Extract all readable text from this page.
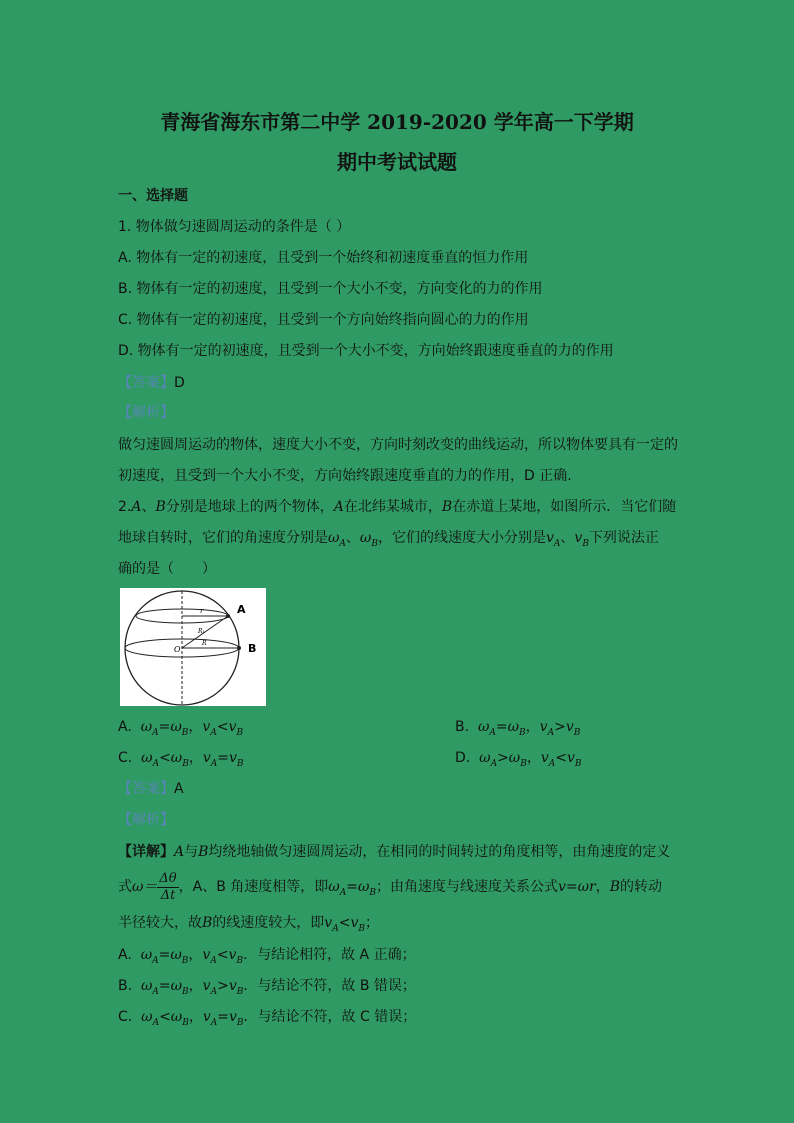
青海省海东市第二中学 2019-2020 学年高一下学期
期中考试试题
一、选择题
1. 物体做匀速圆周运动的条件是（ ）
A. 物体有一定的初速度，且受到一个始终和初速度垂直的恒力作用
B. 物体有一定的初速度，且受到一个大小不变，方向变化的力的作用
C. 物体有一定的初速度，且受到一个方向始终指向圆心的力的作用
D. 物体有一定的初速度，且受到一个大小不变，方向始终跟速度垂直的力的作用
【答案】D
【解析】
做匀速圆周运动的物体，速度大小不变，方向时刻改变的曲线运动，所以物体要具有一定的
初速度，且受到一个大小不变，方向始终跟速度垂直的力的作用，D 正确.
2.A、B分别是地球上的两个物体，A在北纬某城市，B在赤道上某地，如图所示．当它们随
地球自转时，它们的角速度分别是$\omega_A$、$\omega_B$，它们的线速度大小分别是$v_A$、$v_B$下列说法正
确的是（　　）
A
B
O
r
R₁
R
A. $\omega_A=\omega_B$，$v_A<v_B$	B. $\omega_A=\omega_B$，$v_A>v_B$
C. $\omega_A<\omega_B$，$v_A=v_B$	D. $\omega_A>\omega_B$，$v_A<v_B$
【答案】A
【解析】
【详解】A与B均绕地轴做匀速圆周运动，在相同的时间转过的角度相等，由角速度的定义
式$\omega= \frac{\Delta\theta}{\Delta t}$ ，A、B 角速度相等，即$\omega_A=\omega_B$；由角速度与线速度关系公式v=ωr，B的转动
半径较大，故B的线速度较大，即$v_A<v_B$；
A. $\omega_A=\omega_B$，$v_A<v_B$．与结论相符，故 A 正确；
B. $\omega_A=\omega_B$，$v_A>v_B$．与结论不符，故 B 错误；
C. $\omega_A<\omega_B$，$v_A=v_B$．与结论不符，故 C 错误；
